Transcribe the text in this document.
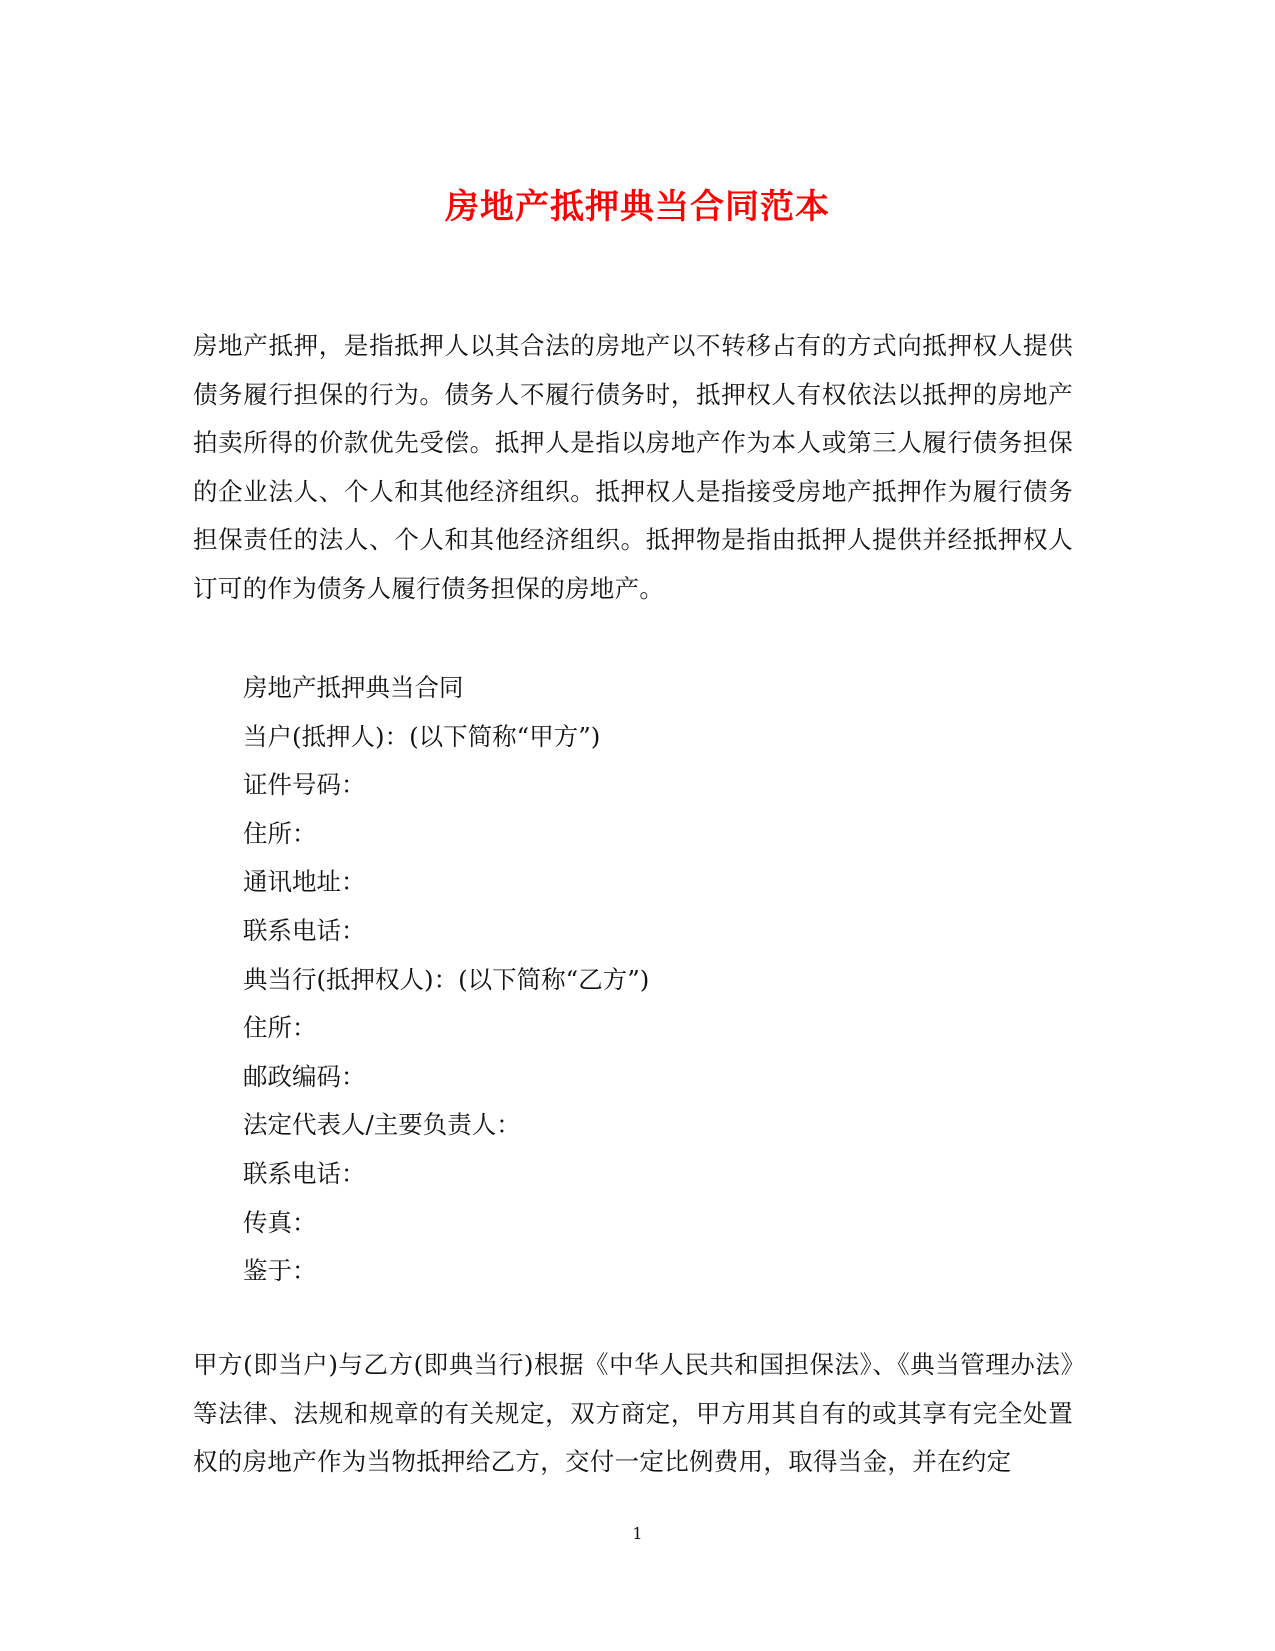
房地产抵押典当合同范本

房地产抵押，是指抵押人以其合法的房地产以不转移占有的方式向抵押权人提供债务履行担保的行为。债务人不履行债务时，抵押权人有权依法以抵押的房地产拍卖所得的价款优先受偿。抵押人是指以房地产作为本人或第三人履行债务担保的企业法人、个人和其他经济组织。抵押权人是指接受房地产抵押作为履行债务担保责任的法人、个人和其他经济组织。抵押物是指由抵押人提供并经抵押权人订可的作为债务人履行债务担保的房地产。

房地产抵押典当合同
当户(抵押人)：(以下简称“甲方”)
证件号码：
住所：
通讯地址：
联系电话：
典当行(抵押权人)：(以下简称“乙方”)
住所：
邮政编码：
法定代表人/主要负责人：
联系电话：
传真：
鉴于：

甲方(即当户)与乙方(即典当行)根据《中华人民共和国担保法》、《典当管理办法》等法律、法规和规章的有关规定，双方商定，甲方用其自有的或其享有完全处置权的房地产作为当物抵押给乙方，交付一定比例费用，取得当金，并在约定

1
